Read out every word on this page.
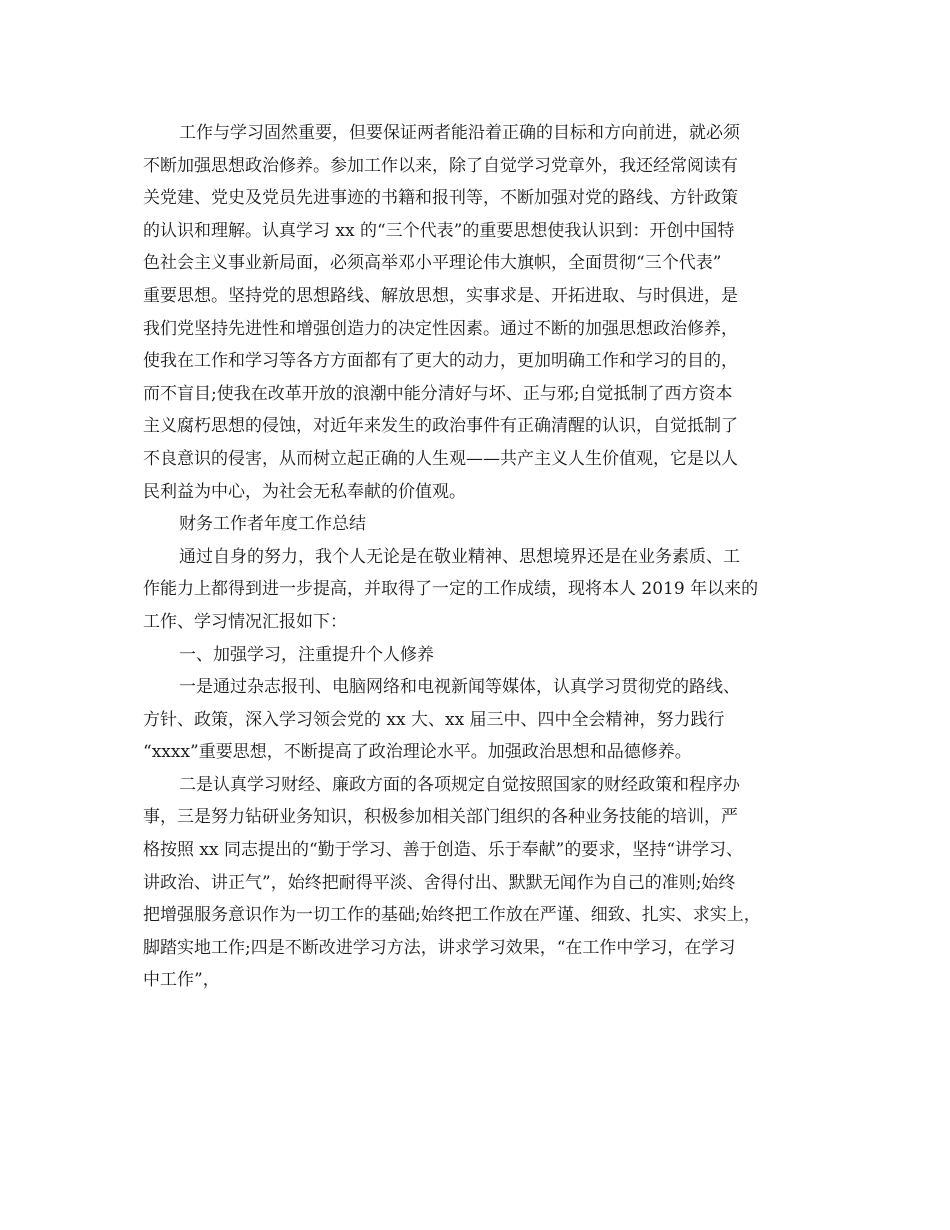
工作与学习固然重要，但要保证两者能沿着正确的目标和方向前进，就必须
不断加强思想政治修养。参加工作以来，除了自觉学习党章外，我还经常阅读有
关党建、党史及党员先进事迹的书籍和报刊等，不断加强对党的路线、方针政策
的认识和理解。认真学习 xx 的“三个代表”的重要思想使我认识到：开创中国特
色社会主义事业新局面，必须高举邓小平理论伟大旗帜，全面贯彻“三个代表”
重要思想。坚持党的思想路线、解放思想，实事求是、开拓进取、与时俱进，是
我们党坚持先进性和增强创造力的决定性因素。通过不断的加强思想政治修养，
使我在工作和学习等各方方面都有了更大的动力，更加明确工作和学习的目的，
而不盲目;使我在改革开放的浪潮中能分清好与坏、正与邪;自觉抵制了西方资本
主义腐朽思想的侵蚀，对近年来发生的政治事件有正确清醒的认识，自觉抵制了
不良意识的侵害，从而树立起正确的人生观——共产主义人生价值观，它是以人
民利益为中心，为社会无私奉献的价值观。
财务工作者年度工作总结
通过自身的努力，我个人无论是在敬业精神、思想境界还是在业务素质、工
作能力上都得到进一步提高，并取得了一定的工作成绩，现将本人 2019 年以来的
工作、学习情况汇报如下：
一、加强学习，注重提升个人修养
一是通过杂志报刊、电脑网络和电视新闻等媒体，认真学习贯彻党的路线、
方针、政策，深入学习领会党的 xx 大、xx 届三中、四中全会精神，努力践行
“xxxx”重要思想，不断提高了政治理论水平。加强政治思想和品德修养。
二是认真学习财经、廉政方面的各项规定自觉按照国家的财经政策和程序办
事，三是努力钻研业务知识，积极参加相关部门组织的各种业务技能的培训，严
格按照 xx 同志提出的“勤于学习、善于创造、乐于奉献”的要求，坚持“讲学习、
讲政治、讲正气”，始终把耐得平淡、舍得付出、默默无闻作为自己的准则;始终
把增强服务意识作为一切工作的基础;始终把工作放在严谨、细致、扎实、求实上，
脚踏实地工作;四是不断改进学习方法，讲求学习效果，“在工作中学习，在学习
中工作”，
